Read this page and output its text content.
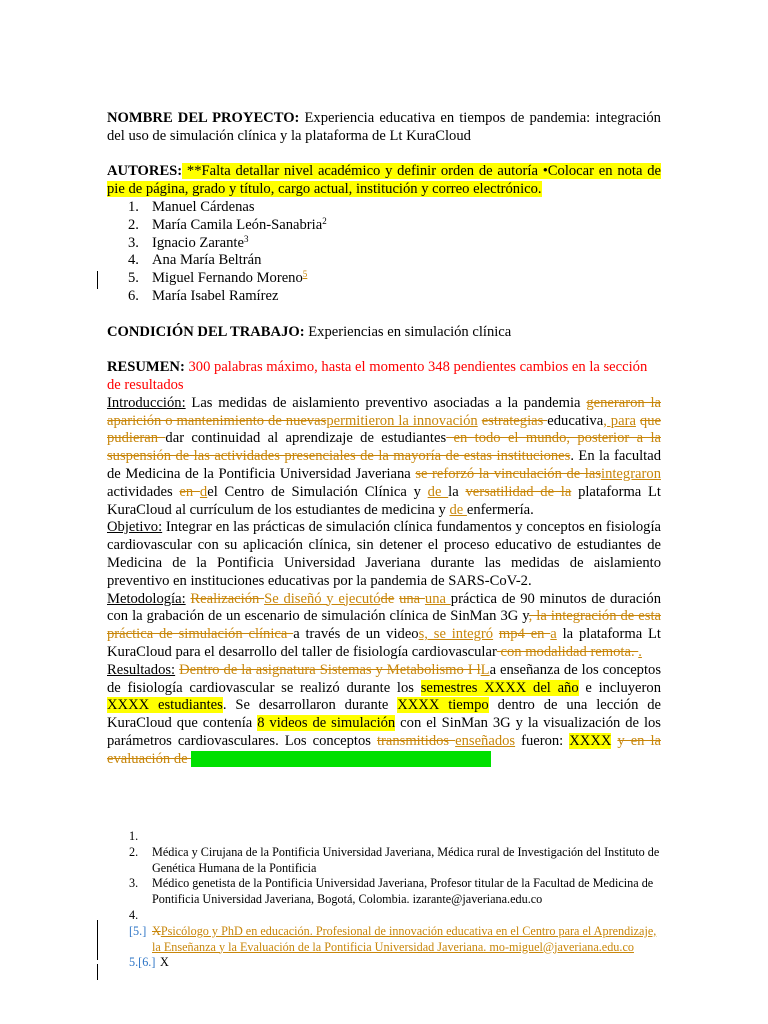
NOMBRE DEL PROYECTO: Experiencia educativa en tiempos de pandemia: integración del uso de simulación clínica y la plataforma de Lt KuraCloud

AUTORES: **Falta detallar nivel académico y definir orden de autoría •Colocar en nota de pie de página, grado y título, cargo actual, institución y correo electrónico.

1. Manuel Cárdenas
2. María Camila León-Sanabria$^2$
3. Ignacio Zarante$^3$
4. Ana María Beltrán
5. Miguel Fernando Moreno$^5$
6. María Isabel Ramírez

CONDICIÓN DEL TRABAJO: Experiencias en simulación clínica

RESUMEN: 300 palabras máximo, hasta el momento 348 pendientes cambios en la sección de resultados

Introducción: Las medidas de aislamiento preventivo asociadas a la pandemia generaron la aparición o mantenimiento de nuevaspermitieron la innovación estrategias educativa, para que pudieran dar continuidad al aprendizaje de estudiantes en todo el mundo, posterior a la suspensión de las actividades presenciales de la mayoría de estas instituciones. En la facultad de Medicina de la Pontificia Universidad Javeriana se reforzó la vinculación de lasintegraron actividades en del Centro de Simulación Clínica y de la versatilidad de la plataforma Lt KuraCloud al currículum de los estudiantes de medicina y de enfermería.

Objetivo: Integrar en las prácticas de simulación clínica fundamentos y conceptos en fisiología cardiovascular con su aplicación clínica, sin detener el proceso educativo de estudiantes de Medicina de la Pontificia Universidad Javeriana durante las medidas de aislamiento preventivo en instituciones educativas por la pandemia de SARS-CoV-2.

Metodología: Realización Se diseñó y ejecutóde una una práctica de 90 minutos de duración con la grabación de un escenario de simulación clínica de SinMan 3G y, la integración de esta práctica de simulación clínica a través de un videos, se integró mp4 en a la plataforma Lt KuraCloud para el desarrollo del taller de fisiología cardiovascular con modalidad remota. .

Resultados: Dentro de la asignatura Sistemas y Metabolismo I lLa enseñanza de los conceptos de fisiología cardiovascular se realizó durante los semestres XXXX del año e incluyeron XXXX estudiantes. Se desarrollaron durante XXXX tiempo dentro de una lección de KuraCloud que contenía 8 videos de simulación con el SinMan 3G y la visualización de los parámetros cardiovasculares. Los conceptos transmitidos enseñados fueron: XXXX y en la evaluación de percepciones calificaron la actividad como positiva

1.
2. Médica y Cirujana de la Pontificia Universidad Javeriana, Médica rural de Investigación del Instituto de Genética Humana de la Pontificia
3. Médico genetista de la Pontificia Universidad Javeriana, Profesor titular de la Facultad de Medicina de Pontificia Universidad Javeriana, Bogotá, Colombia. izarante@javeriana.edu.co
4.
[5.] XPsicólogo y PhD en educación. Profesional de innovación educativa en el Centro para el Aprendizaje, la Enseñanza y la Evaluación de la Pontificia Universidad Javeriana. mo-miguel@javeriana.edu.co
5.[6.] X
